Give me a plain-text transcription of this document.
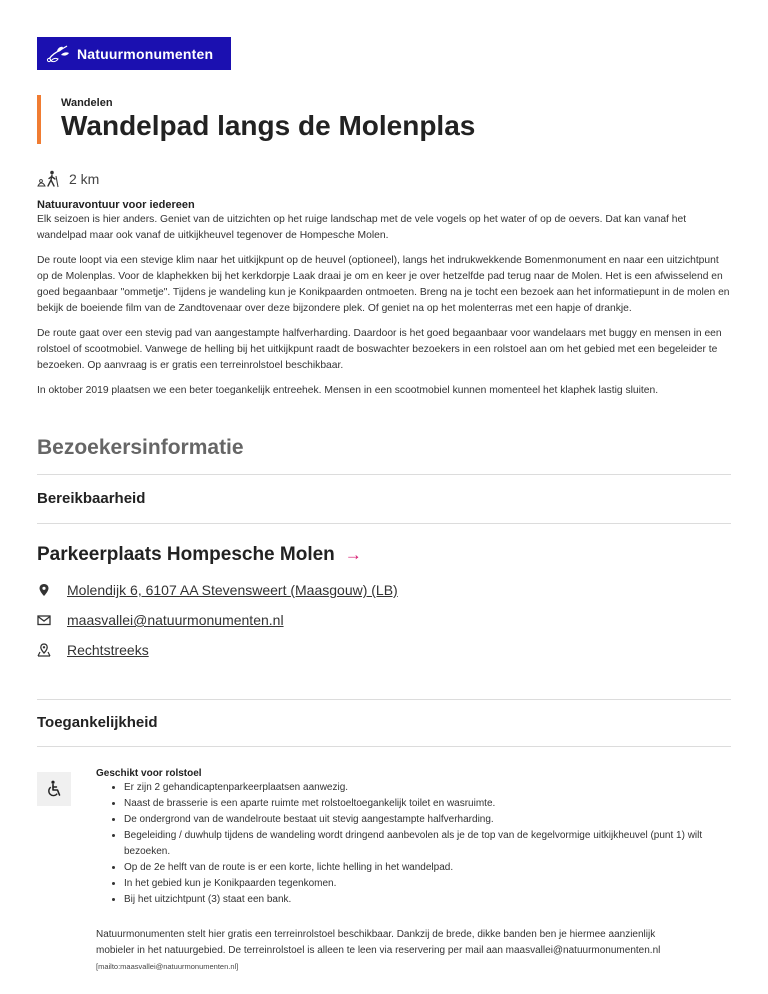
Natuurmonumenten
Wandelen
Wandelpad langs de Molenplas
2 km
Natuuravontuur voor iedereen

Elk seizoen is hier anders. Geniet van de uitzichten op het ruige landschap met de vele vogels op het water of op de oevers. Dat kan vanaf het wandelpad maar ook vanaf de uitkijkheuvel tegenover de Hompesche Molen.

De route loopt via een stevige klim naar het uitkijkpunt op de heuvel (optioneel), langs het indrukwekkende Bomenmonument en naar een uitzichtpunt op de Molenplas. Voor de klaphekken bij het kerkdorpje Laak draai je om en keer je over hetzelfde pad terug naar de Molen. Het is een afwisselend en goed begaanbaar "ommetje". Tijdens je wandeling kun je Konikpaarden ontmoeten. Breng na je tocht een bezoek aan het informatiepunt in de molen en bekijk de boeiende film van de Zandtovenaar over deze bijzondere plek. Of geniet na op het molenterras met een hapje of drankje.

De route gaat over een stevig pad van aangestampte halfverharding. Daardoor is het goed begaanbaar voor wandelaars met buggy en mensen in een rolstoel of scootmobiel. Vanwege de helling bij het uitkijkpunt raadt de boswachter bezoekers in een rolstoel aan om het gebied met een begeleider te bezoeken. Op aanvraag is er gratis een terreinrolstoel beschikbaar.

In oktober 2019 plaatsen we een beter toegankelijk entreehek. Mensen in een scootmobiel kunnen momenteel het klaphek lastig sluiten.

Bezoekersinformatie
Bereikbaarheid
Parkeerplaats Hompesche Molen →
Molendijk 6, 6107 AA Stevensweert (Maasgouw) (LB)
maasvallei@natuurmonumenten.nl
Rechtstreeks
Toegankelijkheid
Geschikt voor rolstoel
• Er zijn 2 gehandicaptenparkeerplaatsen aanwezig.
• Naast de brasserie is een aparte ruimte met rolstoeltoegankelijk toilet en wasruimte.
• De ondergrond van de wandelroute bestaat uit stevig aangestampte halfverharding.
• Begeleiding / duwhulp tijdens de wandeling wordt dringend aanbevolen als je de top van de kegelvormige uitkijkheuvel (punt 1) wilt bezoeken.
• Op de 2e helft van de route is er een korte, lichte helling in het wandelpad.
• In het gebied kun je Konikpaarden tegenkomen.
• Bij het uitzichtpunt (3) staat een bank.

Natuurmonumenten stelt hier gratis een terreinrolstoel beschikbaar. Dankzij de brede, dikke banden ben je hiermee aanzienlijk mobieler in het natuurgebied. De terreinrolstoel is alleen te leen via reservering per mail aan maasvallei@natuurmonumenten.nl [mailto:maasvallei@natuurmonumenten.nl]
